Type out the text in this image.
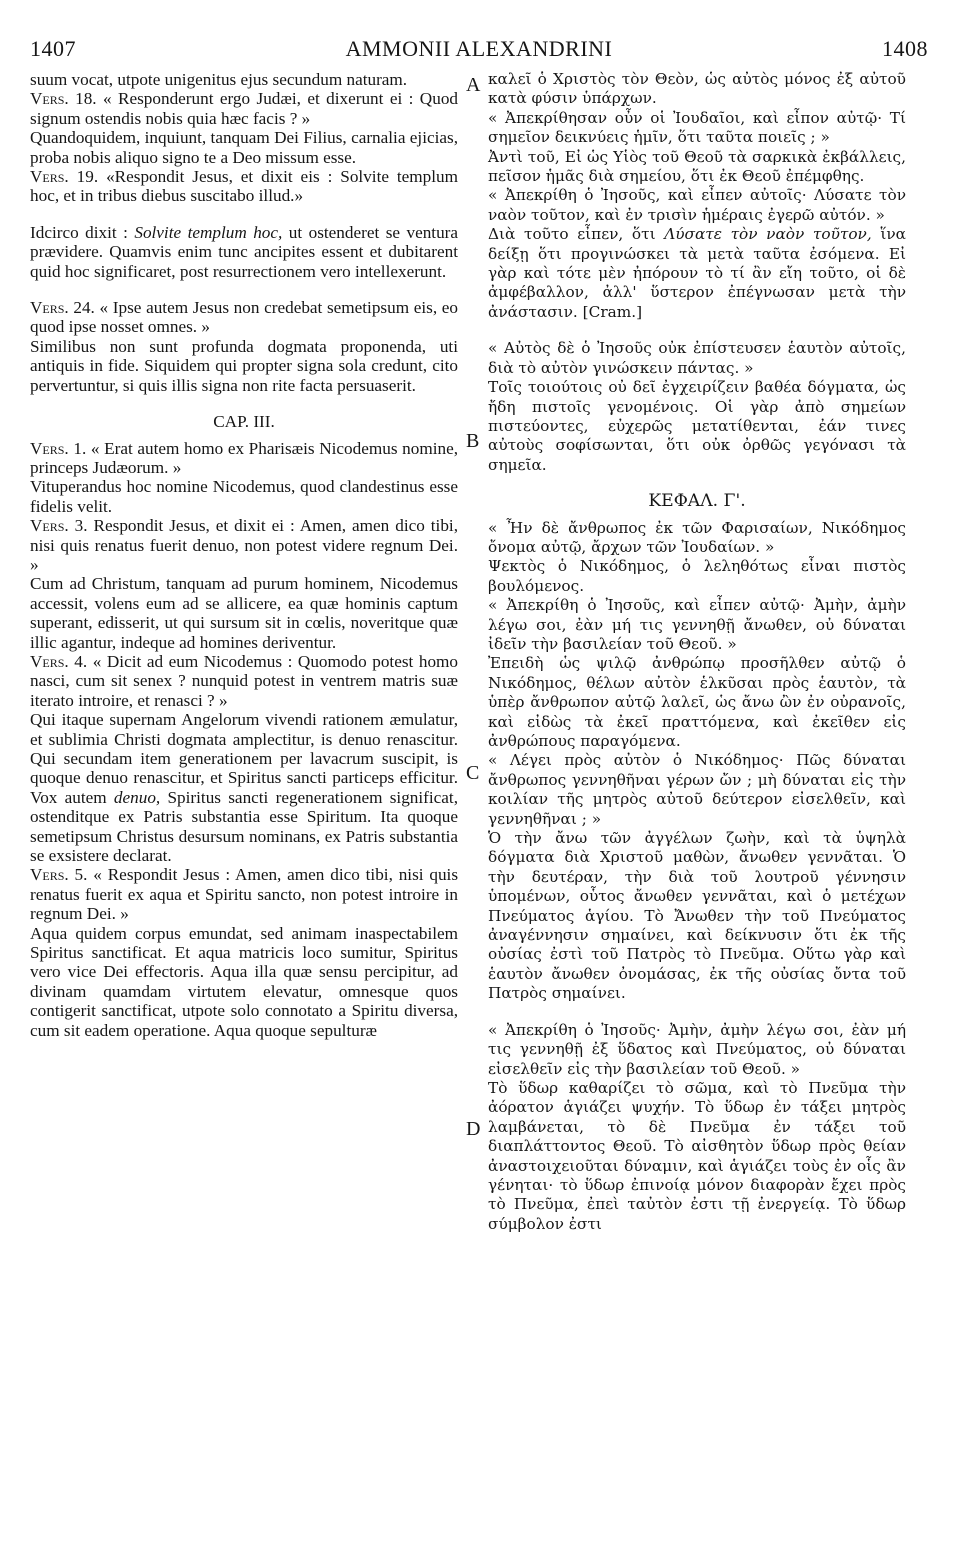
1407	AMMONII ALEXANDRINI	1408
A
B
C
D

suum vocat, utpote unigenitus ejus secundum naturam.

Vers. 18. « Responderunt ergo Judæi, et dixerunt ei : Quod signum ostendis nobis quia hæc facis ? »

Quandoquidem, inquiunt, tanquam Dei Filius, carnalia ejicias, proba nobis aliquo signo te a Deo missum esse.

Vers. 19. «Respondit Jesus, et dixit eis : Solvite templum hoc, et in tribus diebus suscitabo illud.»

Idcirco dixit : Solvite templum hoc, ut ostenderet se ventura prævidere. Quamvis enim tunc ancipites essent et dubitarent quid hoc significaret, post resurrectionem vero intellexerunt.

Vers. 24. « Ipse autem Jesus non credebat semetipsum eis, eo quod ipse nosset omnes. »

Similibus non sunt profunda dogmata proponenda, uti antiquis in fide. Siquidem qui propter signa sola credunt, cito pervertuntur, si quis illis signa non rite facta persuaserit.

CAP. III.

Vers. 1. « Erat autem homo ex Pharisæis Nicodemus nomine, princeps Judæorum. »

Vituperandus hoc nomine Nicodemus, quod clandestinus esse fidelis velit.

Vers. 3. Respondit Jesus, et dixit ei : Amen, amen dico tibi, nisi quis renatus fuerit denuo, non potest videre regnum Dei. »

Cum ad Christum, tanquam ad purum hominem, Nicodemus accessit, volens eum ad se allicere, ea quæ hominis captum superant, edisserit, ut qui sursum sit in cœlis, noveritque quæ illic agantur, indeque ad homines deriventur.

Vers. 4. « Dicit ad eum Nicodemus : Quomodo potest homo nasci, cum sit senex ? nunquid potest in ventrem matris suæ iterato introire, et renasci ? »

Qui itaque supernam Angelorum vivendi rationem æmulatur, et sublimia Christi dogmata amplectitur, is denuo renascitur. Qui secundam item generationem per lavacrum suscipit, is quoque denuo renascitur, et Spiritus sancti particeps efficitur. Vox autem denuo, Spiritus sancti regenerationem significat, ostenditque ex Patris substantia esse Spiritum. Ita quoque semetipsum Christus desursum nominans, ex Patris substantia se exsistere declarat.

Vers. 5. « Respondit Jesus : Amen, amen dico tibi, nisi quis renatus fuerit ex aqua et Spiritu sancto, non potest introire in regnum Dei. »

Aqua quidem corpus emundat, sed animam inaspectabilem Spiritus sanctificat. Et aqua matricis loco sumitur, Spiritus vero vice Dei effectoris. Aqua illa quæ sensu percipitur, ad divinam quamdam virtutem elevatur, omnesque quos contigerit sanctificat, utpote solo connotato a Spiritu diversa, cum sit eadem operatione. Aqua quoque sepulturæ

καλεῖ ὁ Χριστὸς τὸν Θεὸν, ὡς αὐτὸς μόνος ἐξ αὐτοῦ κατὰ φύσιν ὑπάρχων.

« Ἀπεκρίθησαν οὖν οἱ Ἰουδαῖοι, καὶ εἶπον αὐτῷ· Τί σημεῖον δεικνύεις ἡμῖν, ὅτι ταῦτα ποιεῖς ; »

Ἀντὶ τοῦ, Εἰ ὡς Υἱὸς τοῦ Θεοῦ τὰ σαρκικὰ ἐκβάλλεις, πεῖσον ἡμᾶς διὰ σημείου, ὅτι ἐκ Θεοῦ ἐπέμφθης.

« Ἀπεκρίθη ὁ Ἰησοῦς, καὶ εἶπεν αὐτοῖς· Λύσατε τὸν ναὸν τοῦτον, καὶ ἐν τρισὶν ἡμέραις ἐγερῶ αὐτόν. »

Διὰ τοῦτο εἶπεν, ὅτι Λύσατε τὸν ναὸν τοῦτον, ἵνα δείξῃ ὅτι προγινώσκει τὰ μετὰ ταῦτα ἐσόμενα. Εἰ γὰρ καὶ τότε μὲν ἠπόρουν τὸ τί ἂν εἴη τοῦτο, οἱ δὲ ἀμφέβαλλον, ἀλλ' ὕστερον ἐπέγνωσαν μετὰ τὴν ἀνάστασιν. [Cram.]

« Αὐτὸς δὲ ὁ Ἰησοῦς οὐκ ἐπίστευσεν ἑαυτὸν αὐτοῖς, διὰ τὸ αὐτὸν γινώσκειν πάντας. »

Τοῖς τοιούτοις οὐ δεῖ ἐγχειρίζειν βαθέα δόγματα, ὡς ἤδη πιστοῖς γενομένοις. Οἱ γὰρ ἀπὸ σημείων πιστεύοντες, εὐχερῶς μετατίθενται, ἐάν τινες αὐτοὺς σοφίσωνται, ὅτι οὐκ ὀρθῶς γεγόνασι τὰ σημεῖα.

ΚΕΦΑΛ. Γ'.

« Ἦν δὲ ἄνθρωπος ἐκ τῶν Φαρισαίων, Νικόδημος ὄνομα αὐτῷ, ἄρχων τῶν Ἰουδαίων. »

Ψεκτὸς ὁ Νικόδημος, ὁ λεληθότως εἶναι πιστὸς βουλόμενος.

« Ἀπεκρίθη ὁ Ἰησοῦς, καὶ εἶπεν αὐτῷ· Ἀμὴν, ἀμὴν λέγω σοι, ἐὰν μή τις γεννηθῇ ἄνωθεν, οὐ δύναται ἰδεῖν τὴν βασιλείαν τοῦ Θεοῦ. »

Ἐπειδὴ ὡς ψιλῷ ἀνθρώπῳ προσῆλθεν αὐτῷ ὁ Νικόδημος, θέλων αὐτὸν ἑλκῦσαι πρὸς ἑαυτὸν, τὰ ὑπὲρ ἄνθρωπον αὐτῷ λαλεῖ, ὡς ἄνω ὢν ἐν οὐρανοῖς, καὶ εἰδὼς τὰ ἐκεῖ πραττόμενα, καὶ ἐκεῖθεν εἰς ἀνθρώπους παραγόμενα.

« Λέγει πρὸς αὐτὸν ὁ Νικόδημος· Πῶς δύναται ἄνθρωπος γεννηθῆναι γέρων ὤν ; μὴ δύναται εἰς τὴν κοιλίαν τῆς μητρὸς αὐτοῦ δεύτερον εἰσελθεῖν, καὶ γεννηθῆναι ; »

Ὁ τὴν ἄνω τῶν ἀγγέλων ζωὴν, καὶ τὰ ὑψηλὰ δόγματα διὰ Χριστοῦ μαθὼν, ἄνωθεν γεννᾶται. Ὁ τὴν δευτέραν, τὴν διὰ τοῦ λουτροῦ γέννησιν ὑπομένων, οὗτος ἄνωθεν γεννᾶται, καὶ ὁ μετέχων Πνεύματος ἁγίου. Τὸ Ἄνωθεν τὴν τοῦ Πνεύματος ἀναγέννησιν σημαίνει, καὶ δείκνυσιν ὅτι ἐκ τῆς οὐσίας ἐστὶ τοῦ Πατρὸς τὸ Πνεῦμα. Οὕτω γὰρ καὶ ἑαυτὸν ἄνωθεν ὀνομάσας, ἐκ τῆς οὐσίας ὄντα τοῦ Πατρὸς σημαίνει.

« Ἀπεκρίθη ὁ Ἰησοῦς· Ἀμὴν, ἀμὴν λέγω σοι, ἐὰν μή τις γεννηθῇ ἐξ ὕδατος καὶ Πνεύματος, οὐ δύναται εἰσελθεῖν εἰς τὴν βασιλείαν τοῦ Θεοῦ. »

Τὸ ὕδωρ καθαρίζει τὸ σῶμα, καὶ τὸ Πνεῦμα τὴν ἀόρατον ἁγιάζει ψυχήν. Τὸ ὕδωρ ἐν τάξει μητρὸς λαμβάνεται, τὸ δὲ Πνεῦμα ἐν τάξει τοῦ διαπλάττοντος Θεοῦ. Τὸ αἰσθητὸν ὕδωρ πρὸς θείαν ἀναστοιχειοῦται δύναμιν, καὶ ἁγιάζει τοὺς ἐν οἷς ἂν γένηται· τὸ ὕδωρ ἐπινοίᾳ μόνον διαφορὰν ἔχει πρὸς τὸ Πνεῦμα, ἐπεὶ ταὐτὸν ἐστι τῇ ἐνεργείᾳ. Τὸ ὕδωρ σύμβολον ἐστι
